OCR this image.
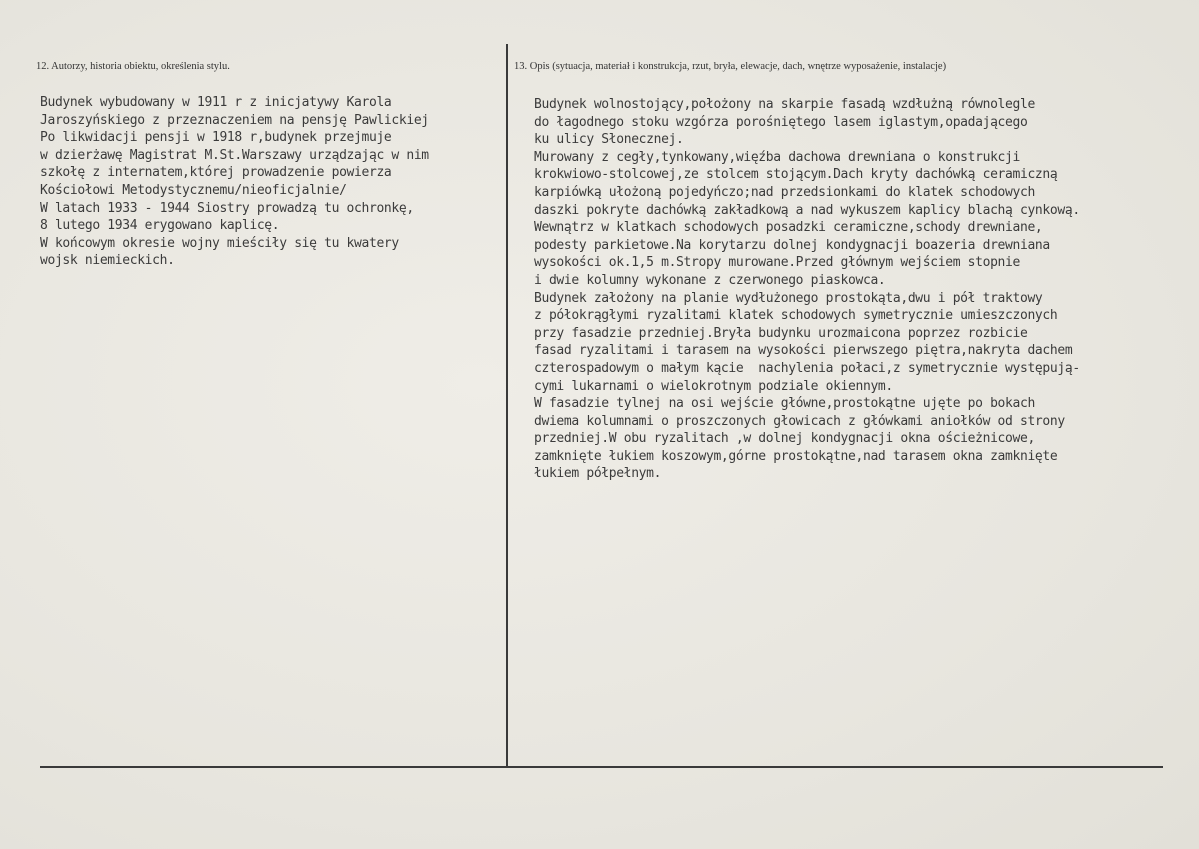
12. Autorzy, historia obiektu, określenia stylu.	13. Opis (sytuacja, materiał i konstrukcja, rzut, bryła, elewacje, dach, wnętrze wyposażenie, instalacje)
Budynek wybudowany w 1911 r z inicjatywy Karola
Jaroszyńskiego z przeznaczeniem na pensję Pawlickiej
Po likwidacji pensji w 1918 r,budynek przejmuje
w dzierżawę Magistrat M.St.Warszawy urządzając w nim
szkołę z internatem,której prowadzenie powierza
Kościołowi Metodystycznemu/nieoficjalnie/
W latach 1933 - 1944 Siostry prowadzą tu ochronkę,
8 lutego 1934 erygowano kaplicę.
W końcowym okresie wojny mieściły się tu kwatery
wojsk niemieckich.
Budynek wolnostojący,położony na skarpie fasadą wzdłużną równolegle
do łagodnego stoku wzgórza porośniętego lasem iglastym,opadającego
ku ulicy Słonecznej.
Murowany z cegły,tynkowany,więźba dachowa drewniana o konstrukcji
krokwiowo-stolcowej,ze stolcem stojącym.Dach kryty dachówką ceramiczną
karpiówką ułożoną pojedyńczo;nad przedsionkami do klatek schodowych
daszki pokryte dachówką zakładkową a nad wykuszem kaplicy blachą cynkową.
Wewnątrz w klatkach schodowych posadzki ceramiczne,schody drewniane,
podesty parkietowe.Na korytarzu dolnej kondygnacji boazeria drewniana
wysokości ok.1,5 m.Stropy murowane.Przed głównym wejściem stopnie
i dwie kolumny wykonane z czerwonego piaskowca.
Budynek założony na planie wydłużonego prostokąta,dwu i pół traktowy
z półokrągłymi ryzalitami klatek schodowych symetrycznie umieszczonych
przy fasadzie przedniej.Bryła budynku urozmaicona poprzez rozbicie
fasad ryzalitami i tarasem na wysokości pierwszego piętra,nakryta dachem
czterospadowym o małym kącie  nachylenia połaci,z symetrycznie występują-
cymi lukarnami o wielokrotnym podziale okiennym.
W fasadzie tylnej na osi wejście główne,prostokątne ujęte po bokach
dwiema kolumnami o proszczonych głowicach z główkami aniołków od strony
przedniej.W obu ryzalitach ,w dolnej kondygnacji okna ościeżnicowe,
zamknięte łukiem koszowym,górne prostokątne,nad tarasem okna zamknięte
łukiem półpełnym.
